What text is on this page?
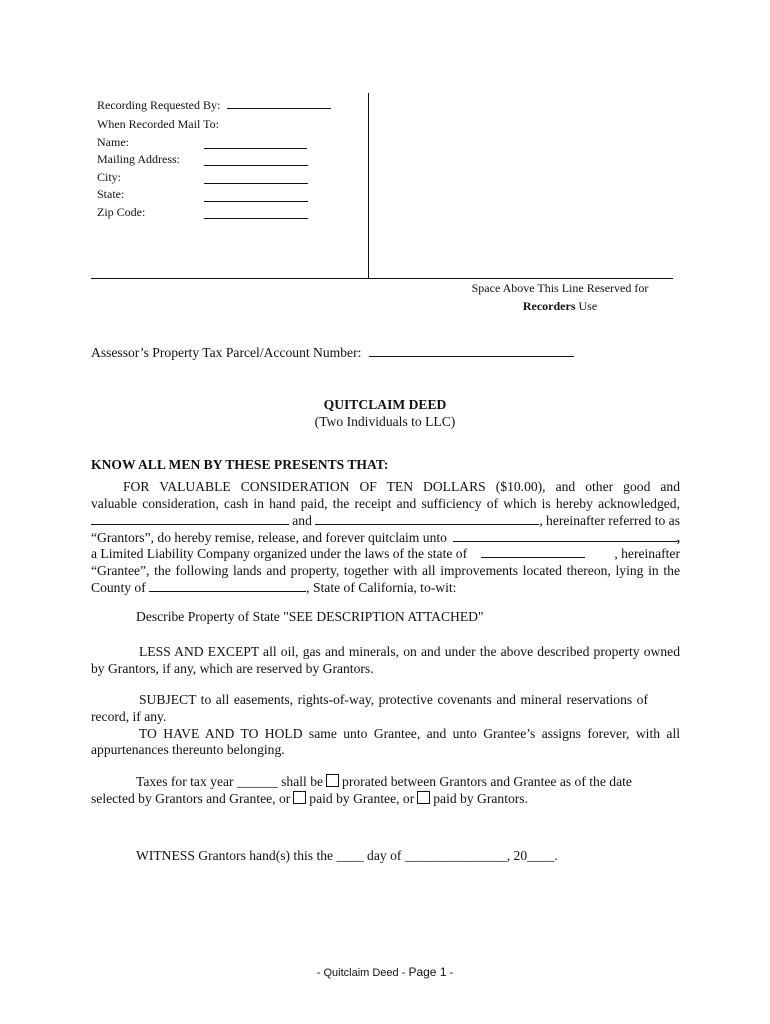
Recording Requested By:
When Recorded Mail To:
Name:
Mailing Address:
City:
State:
Zip Code:
Space Above This Line Reserved for
Recorders Use
Assessor’s Property Tax Parcel/Account Number:
QUITCLAIM DEED
(Two Individuals to LLC)
KNOW ALL MEN BY THESE PRESENTS THAT:
FOR VALUABLE CONSIDERATION OF TEN DOLLARS ($10.00), and other good and
valuable consideration, cash in hand paid, the receipt and sufficiency of which is hereby acknowledged,
and	, hereinafter referred to as
“Grantors”, do hereby remise, release, and forever quitclaim unto	,
a Limited Liability Company organized under the laws of the state of	, hereinafter
“Grantee”, the following lands and property, together with all improvements located thereon, lying in the
County of	, State of California, to-wit:
Describe Property of State "SEE DESCRIPTION ATTACHED"
LESS AND EXCEPT all oil, gas and minerals, on and under the above described property owned
by Grantors, if any, which are reserved by Grantors.
SUBJECT to all easements, rights-of-way, protective covenants and mineral reservations of
record, if any.
TO HAVE AND TO HOLD same unto Grantee, and unto Grantee’s assigns forever, with all
appurtenances thereunto belonging.
Taxes for tax year ______ shall be prorated between Grantors and Grantee as of the date
selected by Grantors and Grantee, or paid by Grantee, or paid by Grantors.
WITNESS Grantors hand(s) this the ____ day of _______________, 20____.
- Quitclaim Deed - Page 1 -
